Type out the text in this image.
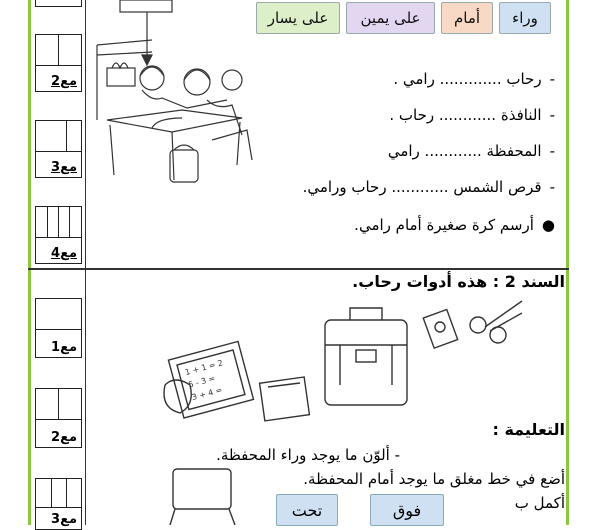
مع2
مع3
مع4
مع1
مع2
مع3
وراء
أمام
على يمين
على يسار
-رحاب ............. رامي .
-النافذة ............ رحاب .
-المحفظة ............ رامي
-قرص الشمس ............ رحاب ورامي.
●أرسم كرة صغيرة أمام رامي.
السند 2 : هذه أدوات رحاب.
1 + 1 = 2
5 - 3 =
3 + 4 =
التعليمة :
- ألوّن ما يوجد وراء المحفظة.
أضع في خط مغلق ما يوجد أمام المحفظة.
أكمل ب
فوق
تحت
